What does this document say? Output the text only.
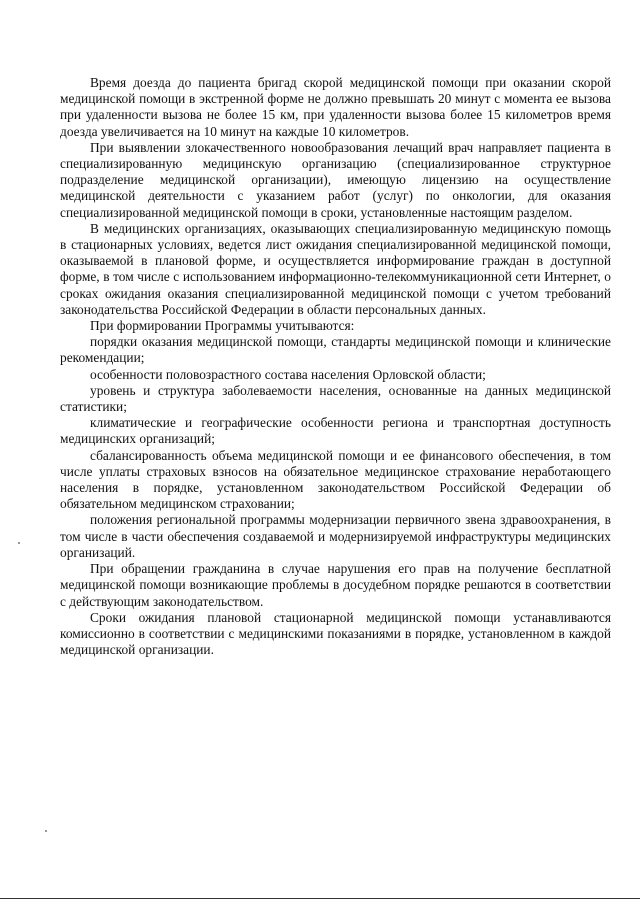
Время доезда до пациента бригад скорой медицинской помощи при оказании скорой медицинской помощи в экстренной форме не должно превышать 20 минут с момента ее вызова при удаленности вызова не более 15 км, при удаленности вызова более 15 километров время доезда увеличивается на 10 минут на каждые 10 километров.

При выявлении злокачественного новообразования лечащий врач направляет пациента в специализированную медицинскую организацию (специализированное структурное подразделение медицинской организации), имеющую лицензию на осуществление медицинской деятельности с указанием работ (услуг) по онкологии, для оказания специализированной медицинской помощи в сроки, установленные настоящим разделом.

В медицинских организациях, оказывающих специализированную медицинскую помощь в стационарных условиях, ведется лист ожидания специализированной медицинской помощи, оказываемой в плановой форме, и осуществляется информирование граждан в доступной форме, в том числе с использованием информационно-телекоммуникационной сети Интернет, о сроках ожидания оказания специализированной медицинской помощи с учетом требований законодательства Российской Федерации в области персональных данных.

При формировании Программы учитываются:

порядки оказания медицинской помощи, стандарты медицинской помощи и клинические рекомендации;

особенности половозрастного состава населения Орловской области;

уровень и структура заболеваемости населения, основанные на данных медицинской статистики;

климатические и географические особенности региона и транспортная доступность медицинских организаций;

сбалансированность объема медицинской помощи и ее финансового обеспечения, в том числе уплаты страховых взносов на обязательное медицинское страхование неработающего населения в порядке, установленном законодательством Российской Федерации об обязательном медицинском страховании;

положения региональной программы модернизации первичного звена здравоохранения, в том числе в части обеспечения создаваемой и модернизируемой инфраструктуры медицинских организаций.

При обращении гражданина в случае нарушения его прав на получение бесплатной медицинской помощи возникающие проблемы в досудебном порядке решаются в соответствии с действующим законодательством.

Сроки ожидания плановой стационарной медицинской помощи устанавливаются комиссионно в соответствии с медицинскими показаниями в порядке, установленном в каждой медицинской организации.
